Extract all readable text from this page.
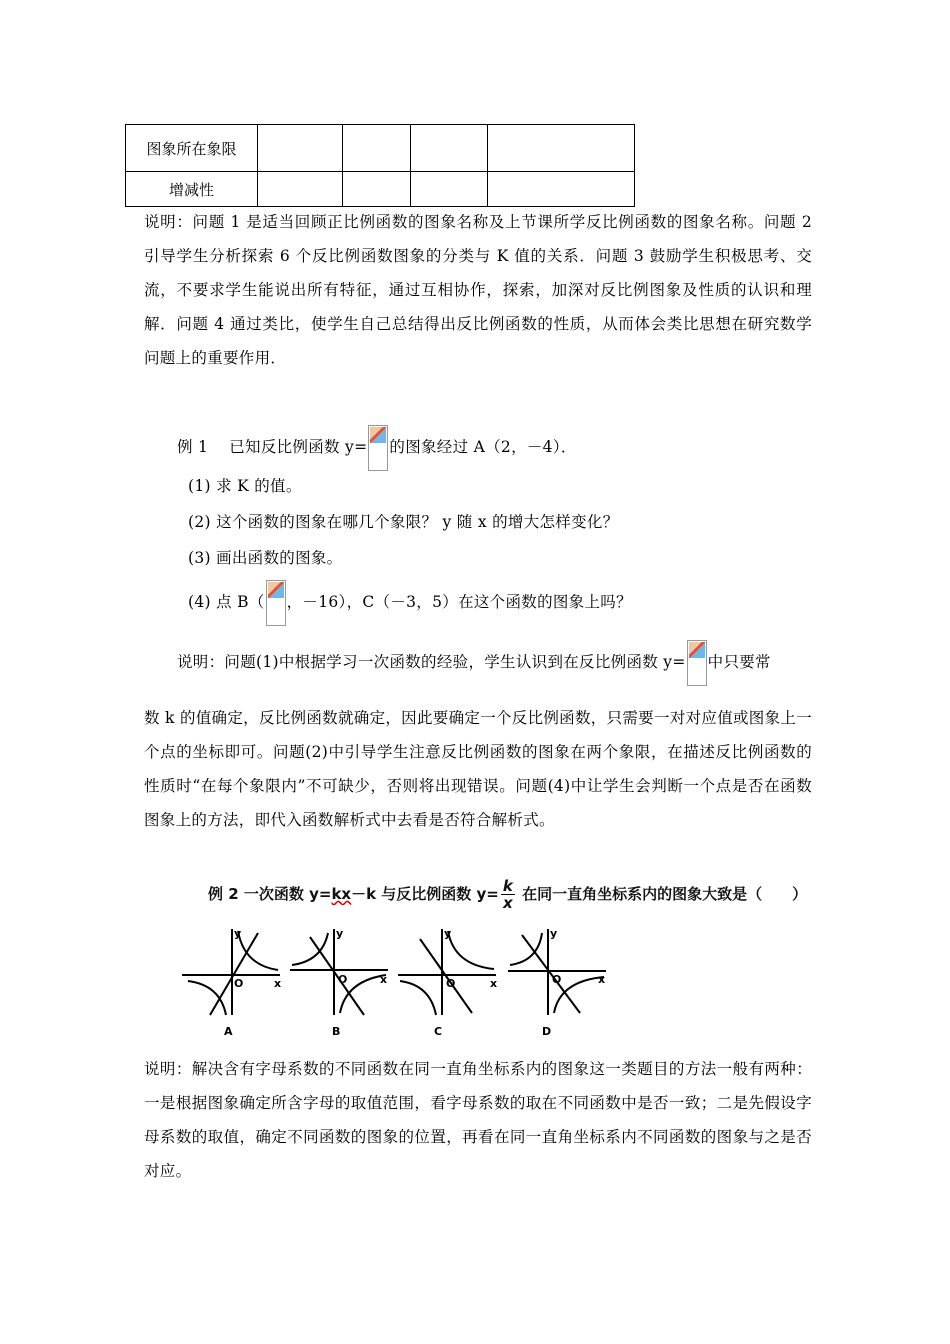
图象所在象限				
增减性				
说明：问题 1 是适当回顾正比例函数的图象名称及上节课所学反比例函数的图象名称。问题 2 引导学生分析探索 6 个反比例函数图象的分类与 K 值的关系．问题 3 鼓励学生积极思考、交流，不要求学生能说出所有特征，通过互相协作，探索，加深对反比例图象及性质的认识和理解．问题 4 通过类比，使学生自己总结得出反比例函数的性质，从而体会类比思想在研究数学问题上的重要作用．
例 1　 已知反比例函数 y= 的图象经过 A（2，－4）．
(1) 求 K 的值。
(2) 这个函数的图象在哪几个象限？ y 随 x 的增大怎样变化？
(3) 画出函数的图象。
(4) 点 B（ ，－16），C（－3，5）在这个函数的图象上吗？
说明：问题(1)中根据学习一次函数的经验，学生认识到在反比例函数 y= 中只要常
数 k 的值确定，反比例函数就确定，因此要确定一个反比例函数，只需要一对对应值或图象上一个点的坐标即可。问题(2)中引导学生注意反比例函数的图象在两个象限，在描述反比例函数的性质时“在每个象限内”不可缺少，否则将出现错误。问题(4)中让学生会判断一个点是否在函数图象上的方法，即代入函数解析式中去看是否符合解析式。
例 2 一次函数 y=kx－k 与反比例函数 $y= \frac{k}{x}$ 在同一直角坐标系内的图象大致是（ ）
y
x
O
A
y
x
O
B
y
x
O
C
y
x
O
D
说明：解决含有字母系数的不同函数在同一直角坐标系内的图象这一类题目的方法一般有两种：一是根据图象确定所含字母的取值范围，看字母系数的取在不同函数中是否一致；二是先假设字母系数的取值，确定不同函数的图象的位置，再看在同一直角坐标系内不同函数的图象与之是否对应。
